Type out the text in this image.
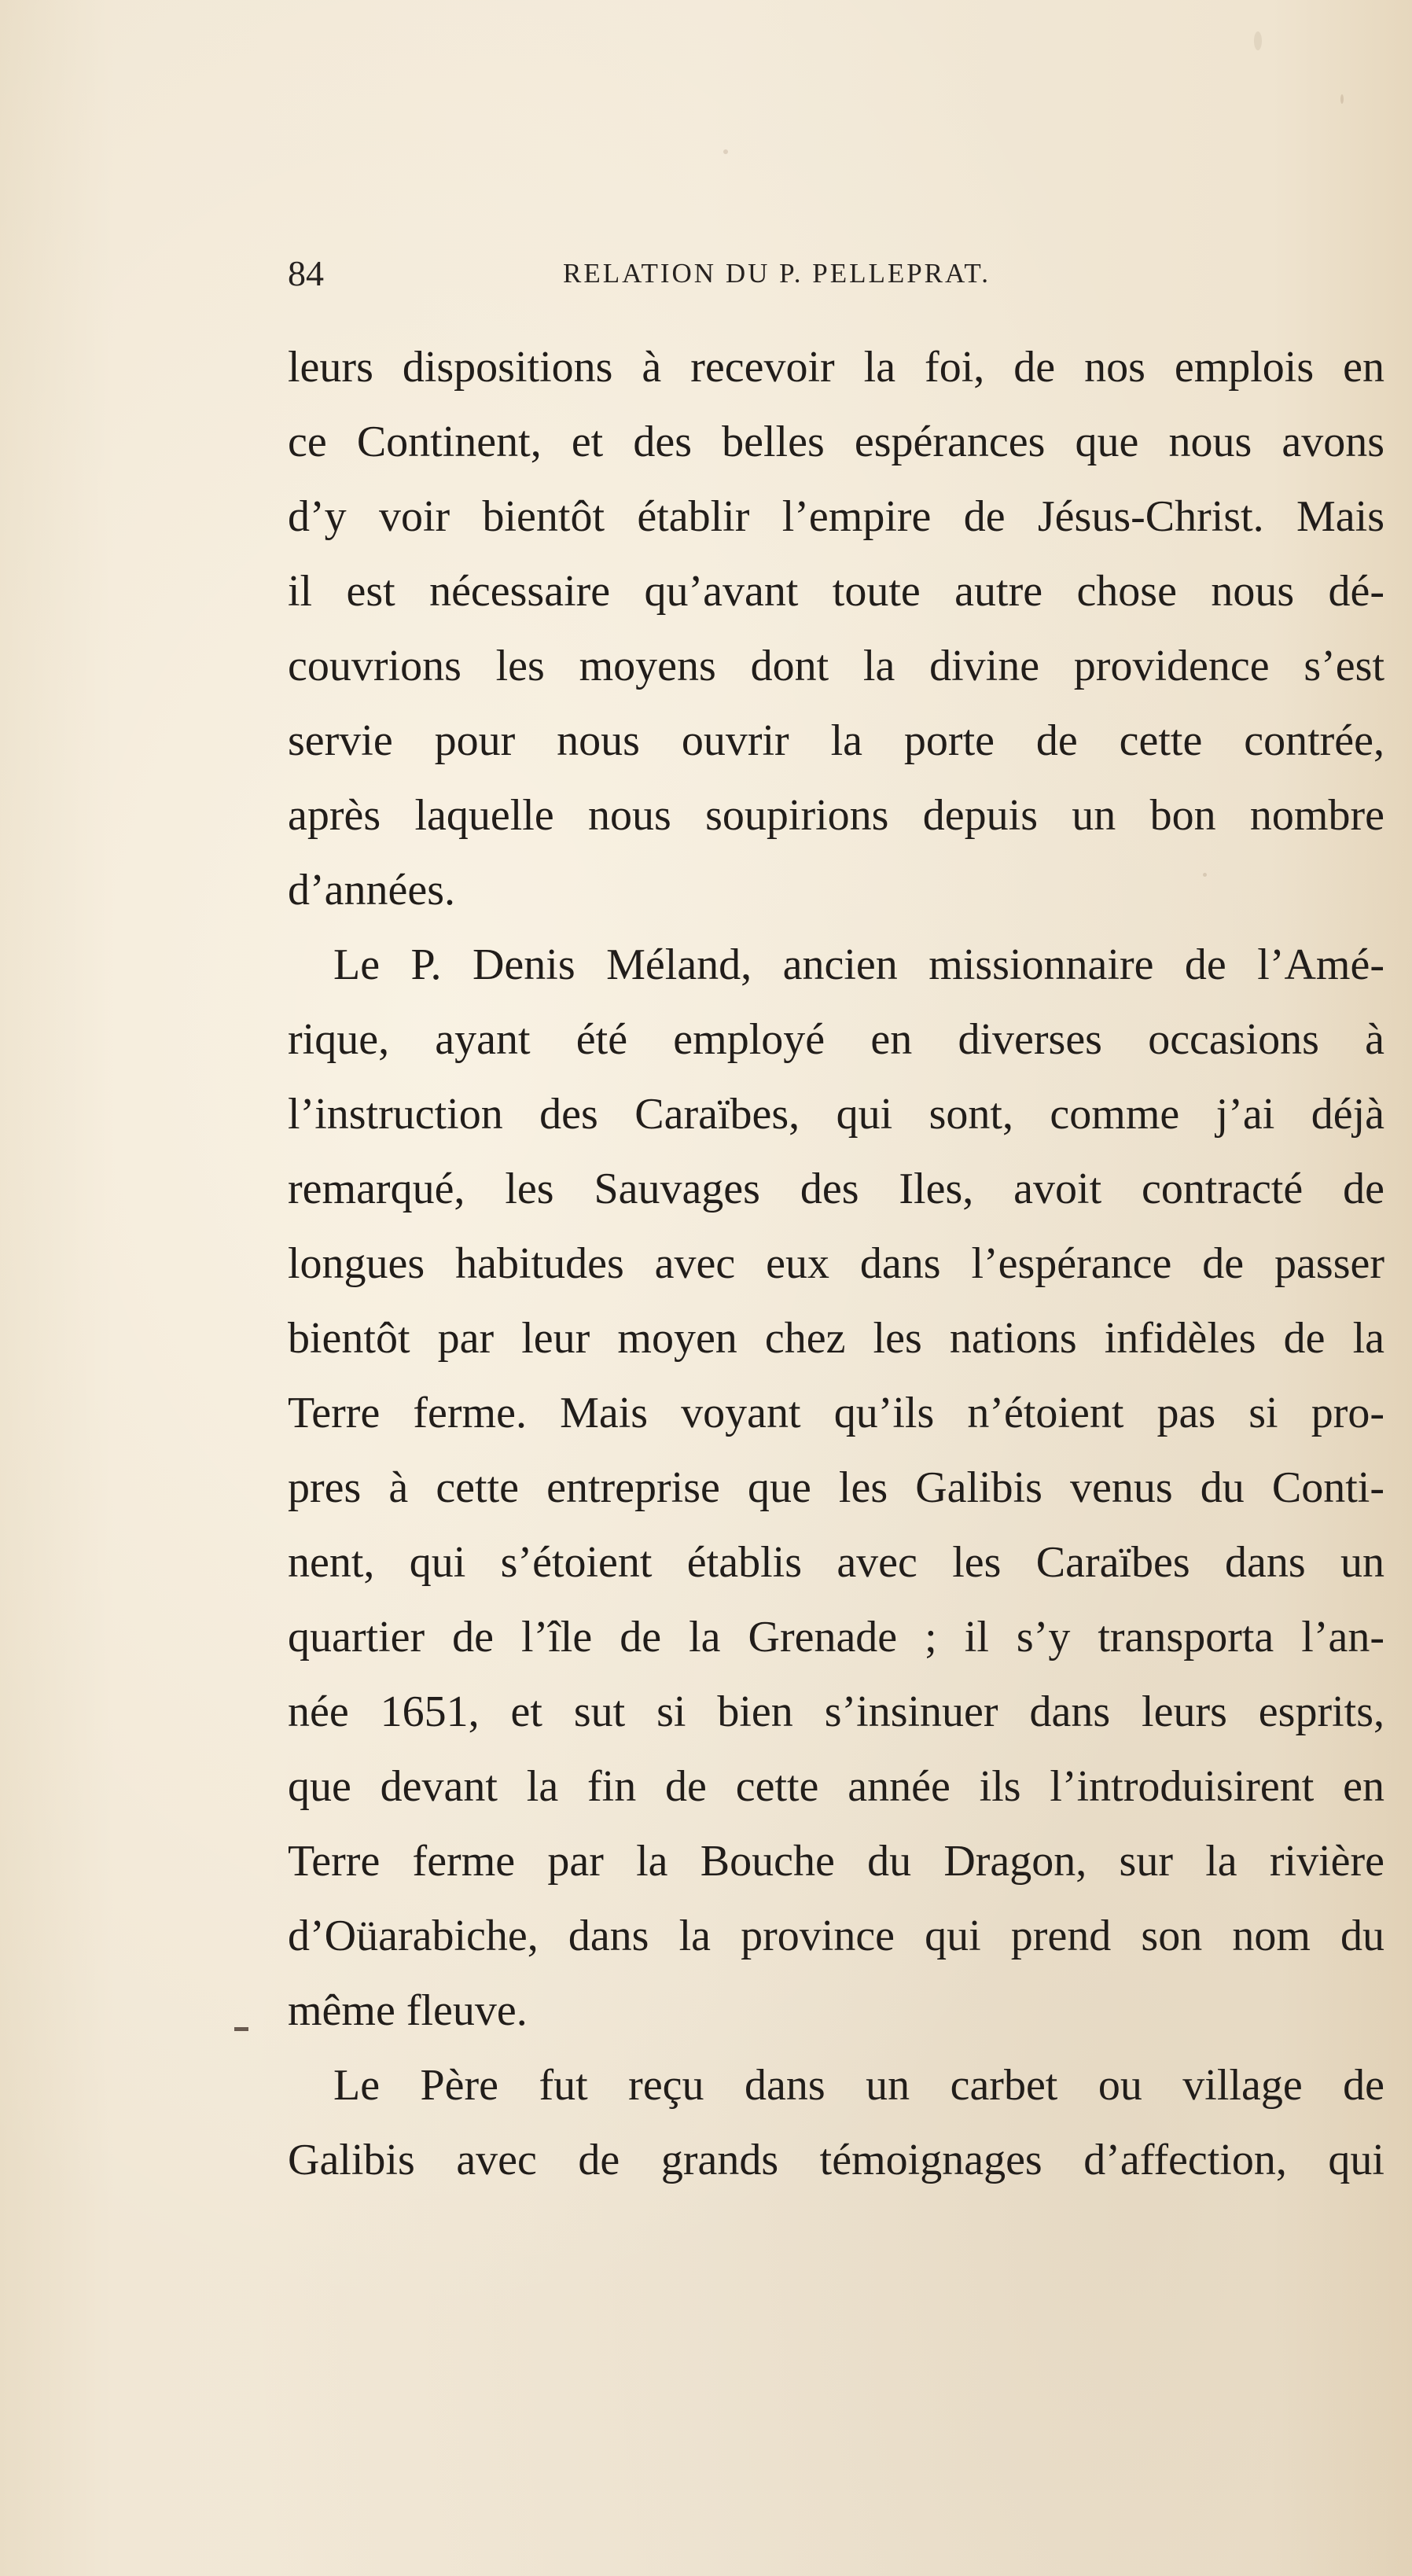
84	RELATION DU P. PELLEPRAT.
leurs dispositions à recevoir la foi, de nos emplois en
ce Continent, et des belles espérances que nous avons
d’y voir bientôt établir l’empire de Jésus-Christ. Mais
il est nécessaire qu’avant toute autre chose nous dé-
couvrions les moyens dont la divine providence s’est
servie pour nous ouvrir la porte de cette contrée,
après laquelle nous soupirions depuis un bon nombre
d’années.
Le P. Denis Méland, ancien missionnaire de l’Amé-
rique, ayant été employé en diverses occasions à
l’instruction des Caraïbes, qui sont, comme j’ai déjà
remarqué, les Sauvages des Iles, avoit contracté de
longues habitudes avec eux dans l’espérance de passer
bientôt par leur moyen chez les nations infidèles de la
Terre ferme. Mais voyant qu’ils n’étoient pas si pro-
pres à cette entreprise que les Galibis venus du Conti-
nent, qui s’étoient établis avec les Caraïbes dans un
quartier de l’île de la Grenade ; il s’y transporta l’an-
née 1651, et sut si bien s’insinuer dans leurs esprits,
que devant la fin de cette année ils l’introduisirent en
Terre ferme par la Bouche du Dragon, sur la rivière
d’Oüarabiche, dans la province qui prend son nom du
même fleuve.
Le Père fut reçu dans un carbet ou village de
Galibis avec de grands témoignages d’affection, qui
